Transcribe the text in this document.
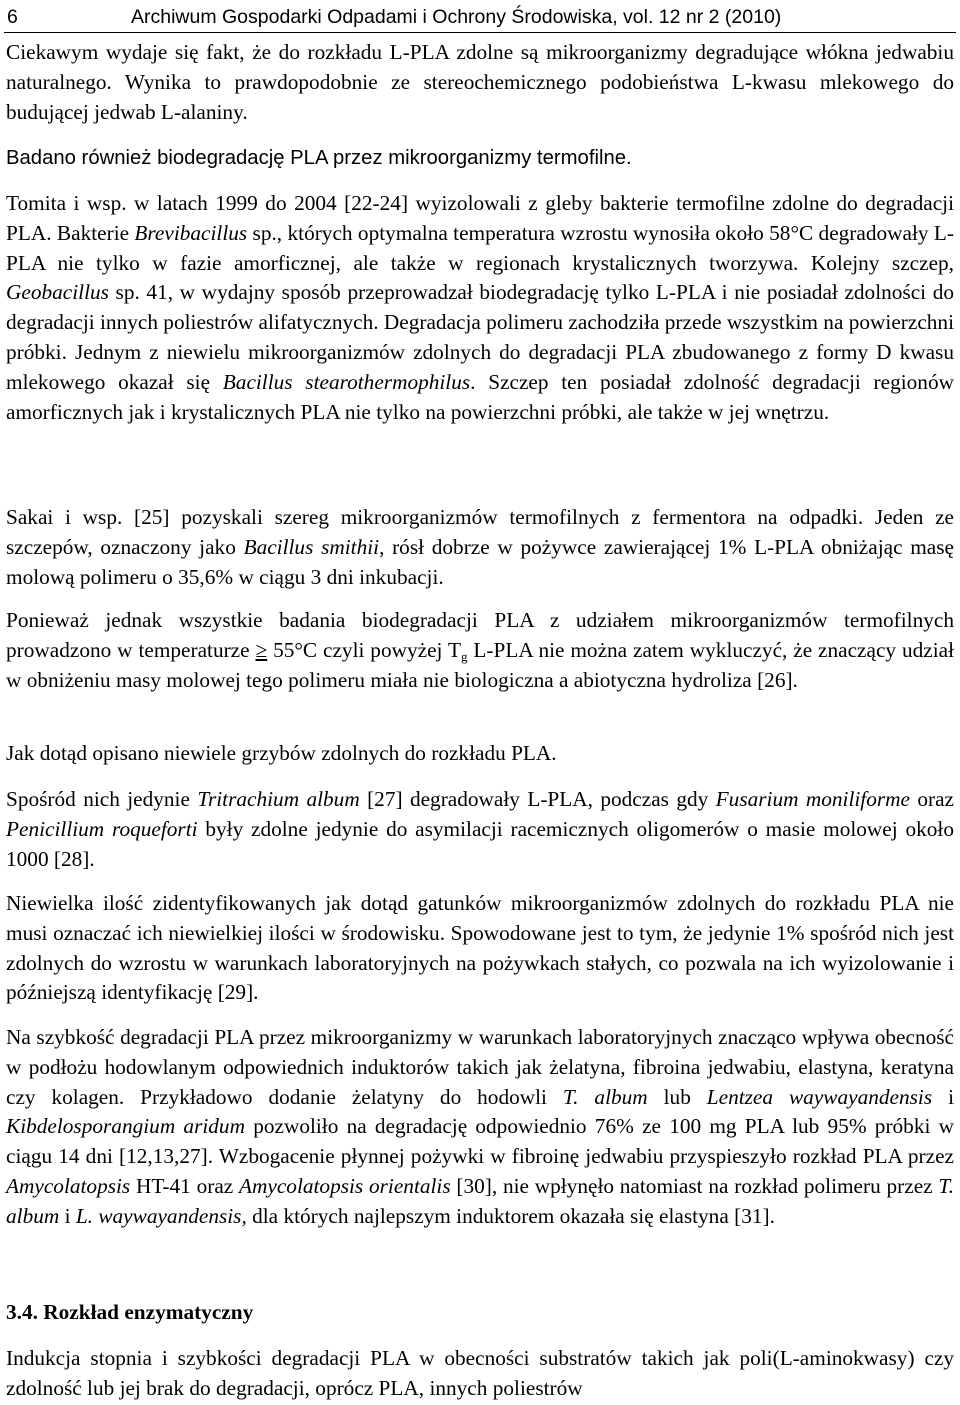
6	Archiwum Gospodarki Odpadami i Ochrony Środowiska, vol. 12 nr 2 (2010)

Ciekawym wydaje się fakt, że do rozkładu L-PLA zdolne są mikroorganizmy degradujące włókna jedwabiu naturalnego. Wynika to prawdopodobnie ze stereochemicznego podobieństwa L-kwasu mlekowego do budującej jedwab L-alaniny.

Badano również biodegradację PLA przez mikroorganizmy termofilne.

Tomita i wsp. w latach 1999 do 2004 [22-24] wyizolowali z gleby bakterie termofilne zdolne do degradacji PLA. Bakterie Brevibacillus sp., których optymalna temperatura wzrostu wynosiła około 58°C degradowały L-PLA nie tylko w fazie amorficznej, ale także w regionach krystalicznych tworzywa. Kolejny szczep, Geobacillus sp. 41, w wydajny sposób przeprowadzał biodegradację tylko L-PLA i nie posiadał zdolności do degradacji innych poliestrów alifatycznych. Degradacja polimeru zachodziła przede wszystkim na powierzchni próbki. Jednym z niewielu mikroorganizmów zdolnych do degradacji PLA zbudowanego z formy D kwasu mlekowego okazał się Bacillus stearothermophilus. Szczep ten posiadał zdolność degradacji regionów amorficznych jak i krystalicznych PLA nie tylko na powierzchni próbki, ale także w jej wnętrzu.

Sakai i wsp. [25] pozyskali szereg mikroorganizmów termofilnych z fermentora na odpadki. Jeden ze szczepów, oznaczony jako Bacillus smithii, rósł dobrze w pożywce zawierającej 1% L-PLA obniżając masę molową polimeru o 35,6% w ciągu 3 dni inkubacji.

Ponieważ jednak wszystkie badania biodegradacji PLA z udziałem mikroorganizmów termofilnych prowadzono w temperaturze ≥ 55°C czyli powyżej $T_g$ L-PLA nie można zatem wykluczyć, że znaczący udział w obniżeniu masy molowej tego polimeru miała nie biologiczna a abiotyczna hydroliza [26].

Jak dotąd opisano niewiele grzybów zdolnych do rozkładu PLA.

Spośród nich jedynie Tritrachium album [27] degradowały L-PLA, podczas gdy Fusarium moniliforme oraz Penicillium roqueforti były zdolne jedynie do asymilacji racemicznych oligomerów o masie molowej około 1000 [28].

Niewielka ilość zidentyfikowanych jak dotąd gatunków mikroorganizmów zdolnych do rozkładu PLA nie musi oznaczać ich niewielkiej ilości w środowisku. Spowodowane jest to tym, że jedynie 1% spośród nich jest zdolnych do wzrostu w warunkach laboratoryjnych na pożywkach stałych, co pozwala na ich wyizolowanie i późniejszą identyfikację [29].

Na szybkość degradacji PLA przez mikroorganizmy w warunkach laboratoryjnych znacząco wpływa obecność w podłożu hodowlanym odpowiednich induktorów takich jak żelatyna, fibroina jedwabiu, elastyna, keratyna czy kolagen. Przykładowo dodanie żelatyny do hodowli T. album lub Lentzea waywayandensis i Kibdelosporangium aridum pozwoliło na degradację odpowiednio 76% ze 100 mg PLA lub 95% próbki w ciągu 14 dni [12,13,27]. Wzbogacenie płynnej pożywki w fibroinę jedwabiu przyspieszyło rozkład PLA przez Amycolatopsis HT-41 oraz Amycolatopsis orientalis [30], nie wpłynęło natomiast na rozkład polimeru przez T. album i L. waywayandensis, dla których najlepszym induktorem okazała się elastyna [31].

3.4. Rozkład enzymatyczny

Indukcja stopnia i szybkości degradacji PLA w obecności substratów takich jak poli(L-aminokwasy) czy zdolność lub jej brak do degradacji, oprócz PLA, innych poliestrów
